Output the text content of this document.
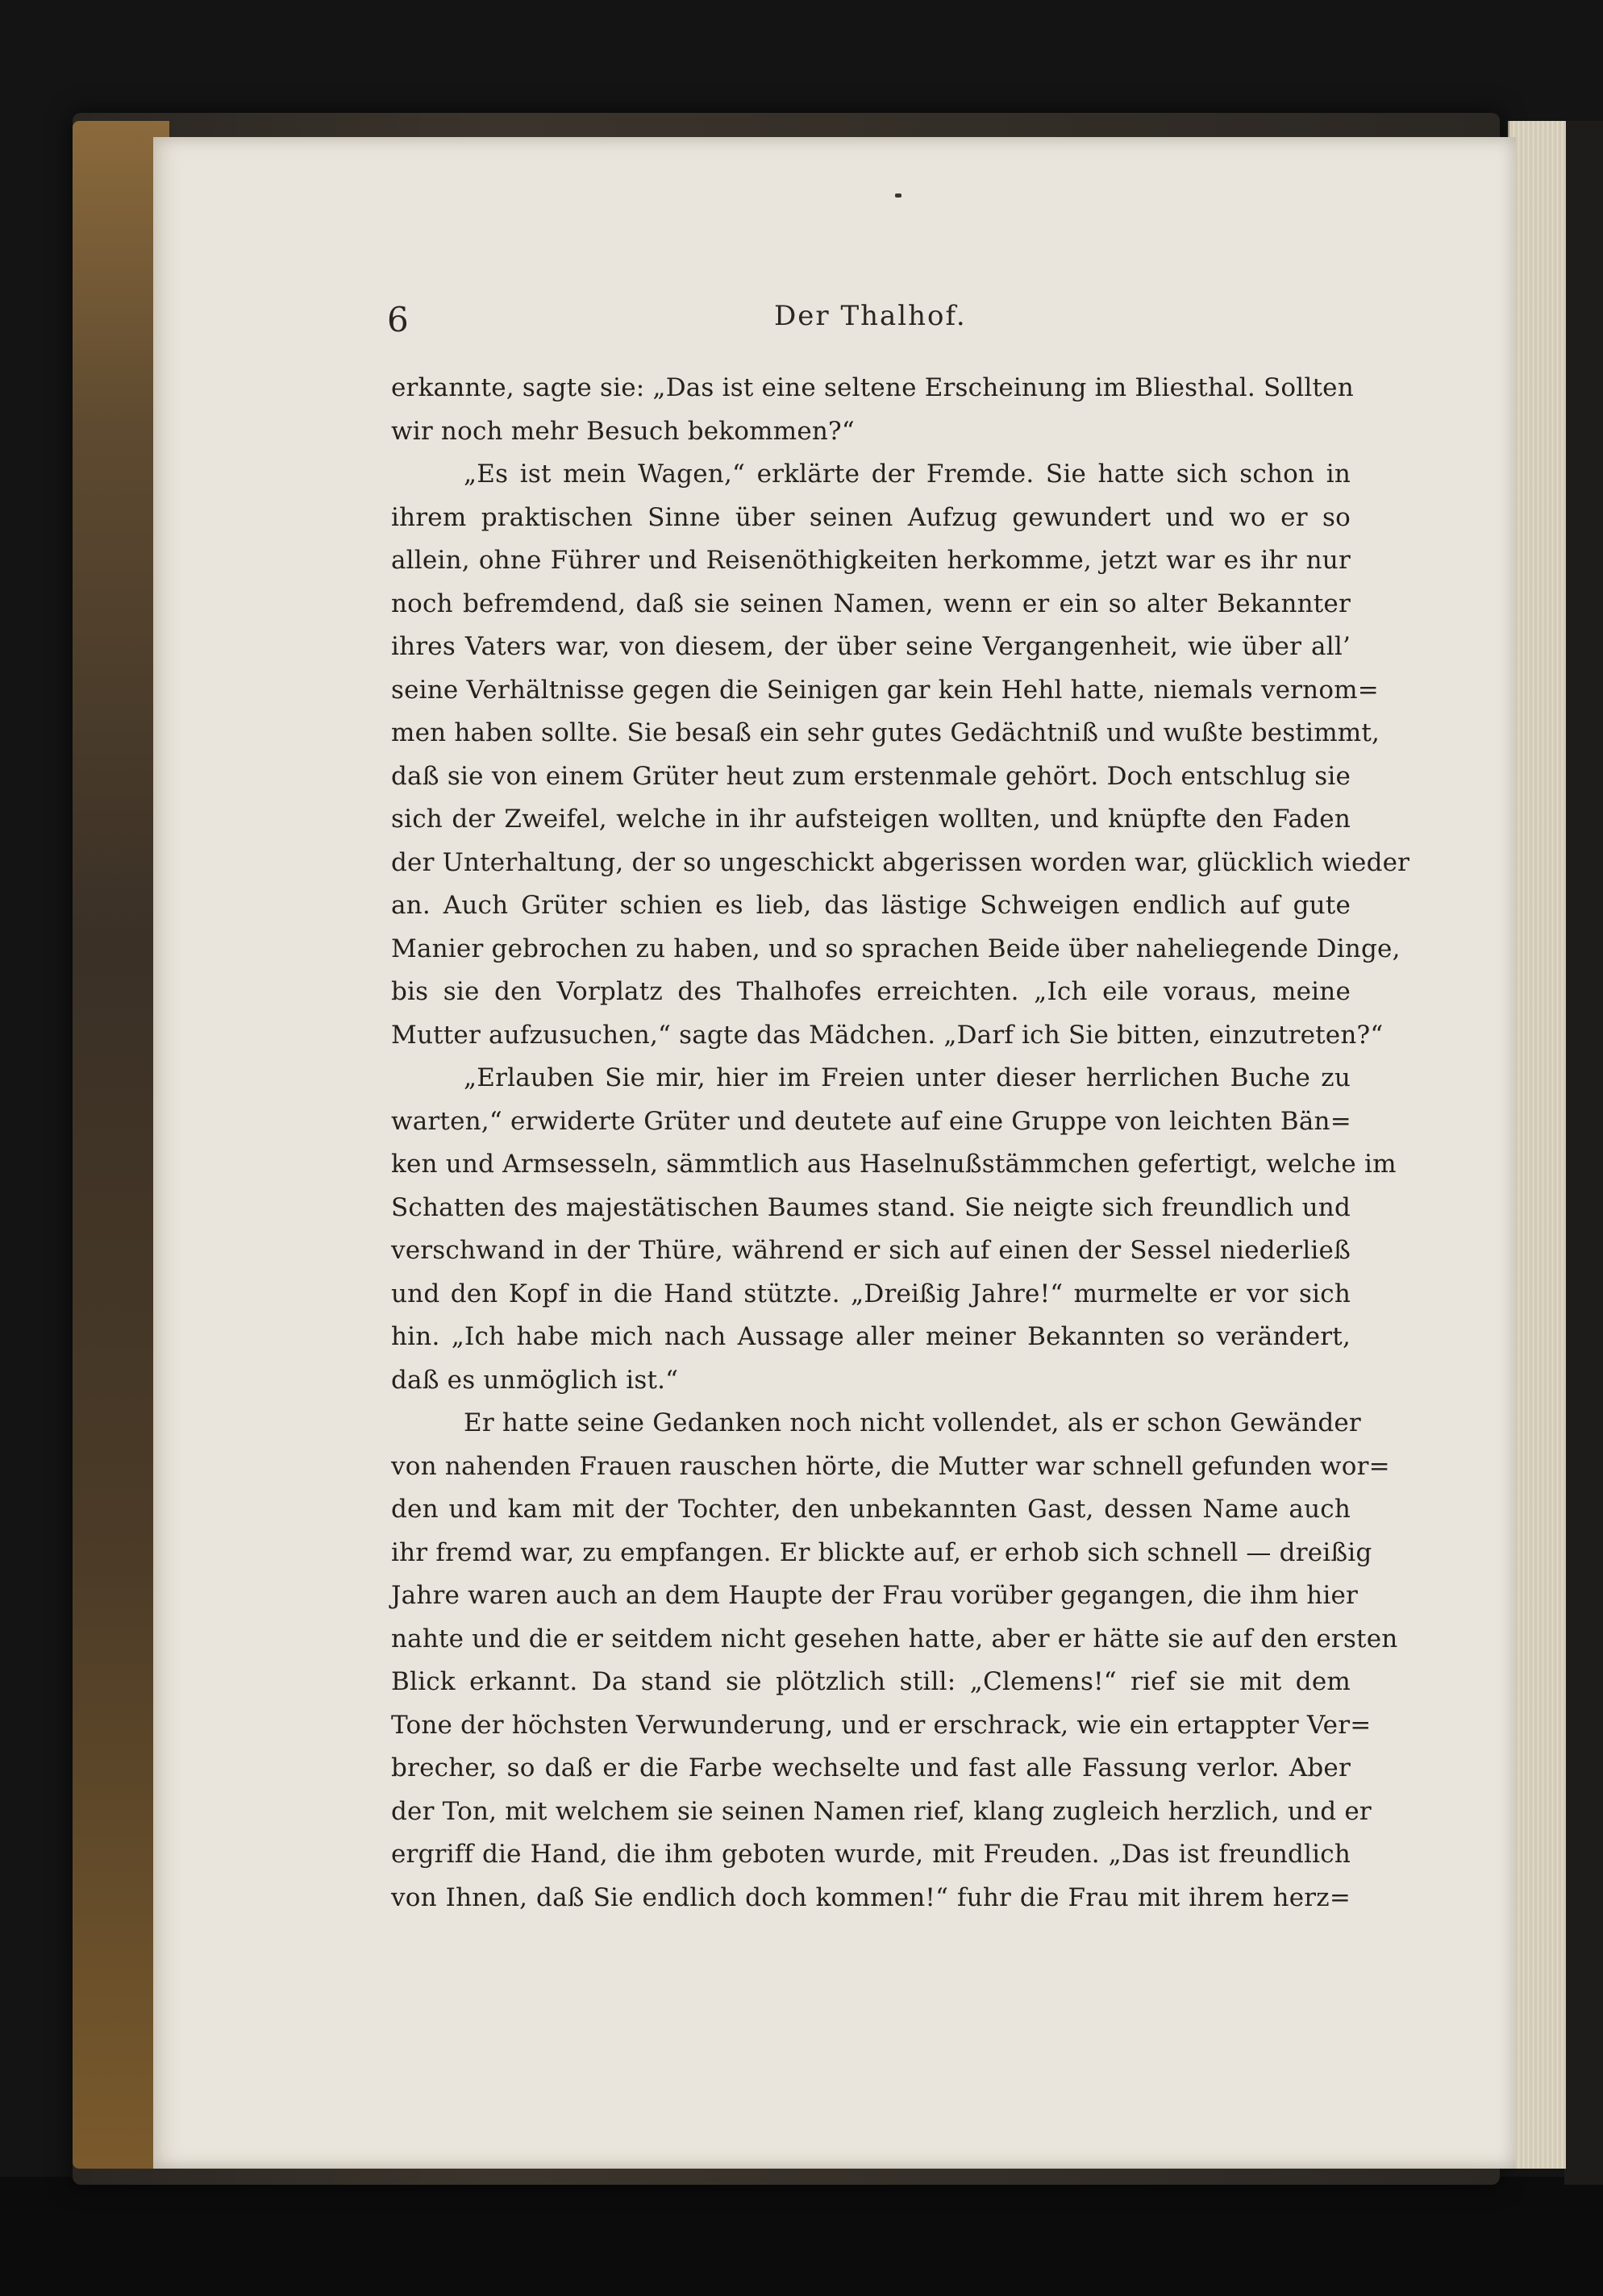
6	Der Thalhof.
erkannte, sagte sie: „Das ist eine seltene Erscheinung im Bliesthal. Sollten
wir noch mehr Besuch bekommen?“
„Es ist mein Wagen,“ erklärte der Fremde. Sie hatte sich schon in
ihrem praktischen Sinne über seinen Aufzug gewundert und wo er so
allein, ohne Führer und Reisenöthigkeiten herkomme, jetzt war es ihr nur
noch befremdend, daß sie seinen Namen, wenn er ein so alter Bekannter
ihres Vaters war, von diesem, der über seine Vergangenheit, wie über all’
seine Verhältnisse gegen die Seinigen gar kein Hehl hatte, niemals vernom=
men haben sollte. Sie besaß ein sehr gutes Gedächtniß und wußte bestimmt,
daß sie von einem Grüter heut zum erstenmale gehört. Doch entschlug sie
sich der Zweifel, welche in ihr aufsteigen wollten, und knüpfte den Faden
der Unterhaltung, der so ungeschickt abgerissen worden war, glücklich wieder
an. Auch Grüter schien es lieb, das lästige Schweigen endlich auf gute
Manier gebrochen zu haben, und so sprachen Beide über naheliegende Dinge,
bis sie den Vorplatz des Thalhofes erreichten. „Ich eile voraus, meine
Mutter aufzusuchen,“ sagte das Mädchen. „Darf ich Sie bitten, einzutreten?“
„Erlauben Sie mir, hier im Freien unter dieser herrlichen Buche zu
warten,“ erwiderte Grüter und deutete auf eine Gruppe von leichten Bän=
ken und Armsesseln, sämmtlich aus Haselnußstämmchen gefertigt, welche im
Schatten des majestätischen Baumes stand. Sie neigte sich freundlich und
verschwand in der Thüre, während er sich auf einen der Sessel niederließ
und den Kopf in die Hand stützte. „Dreißig Jahre!“ murmelte er vor sich
hin. „Ich habe mich nach Aussage aller meiner Bekannten so verändert,
daß es unmöglich ist.“
Er hatte seine Gedanken noch nicht vollendet, als er schon Gewänder
von nahenden Frauen rauschen hörte, die Mutter war schnell gefunden wor=
den und kam mit der Tochter, den unbekannten Gast, dessen Name auch
ihr fremd war, zu empfangen. Er blickte auf, er erhob sich schnell — dreißig
Jahre waren auch an dem Haupte der Frau vorüber gegangen, die ihm hier
nahte und die er seitdem nicht gesehen hatte, aber er hätte sie auf den ersten
Blick erkannt. Da stand sie plötzlich still: „Clemens!“ rief sie mit dem
Tone der höchsten Verwunderung, und er erschrack, wie ein ertappter Ver=
brecher, so daß er die Farbe wechselte und fast alle Fassung verlor. Aber
der Ton, mit welchem sie seinen Namen rief, klang zugleich herzlich, und er
ergriff die Hand, die ihm geboten wurde, mit Freuden. „Das ist freundlich
von Ihnen, daß Sie endlich doch kommen!“ fuhr die Frau mit ihrem herz=
